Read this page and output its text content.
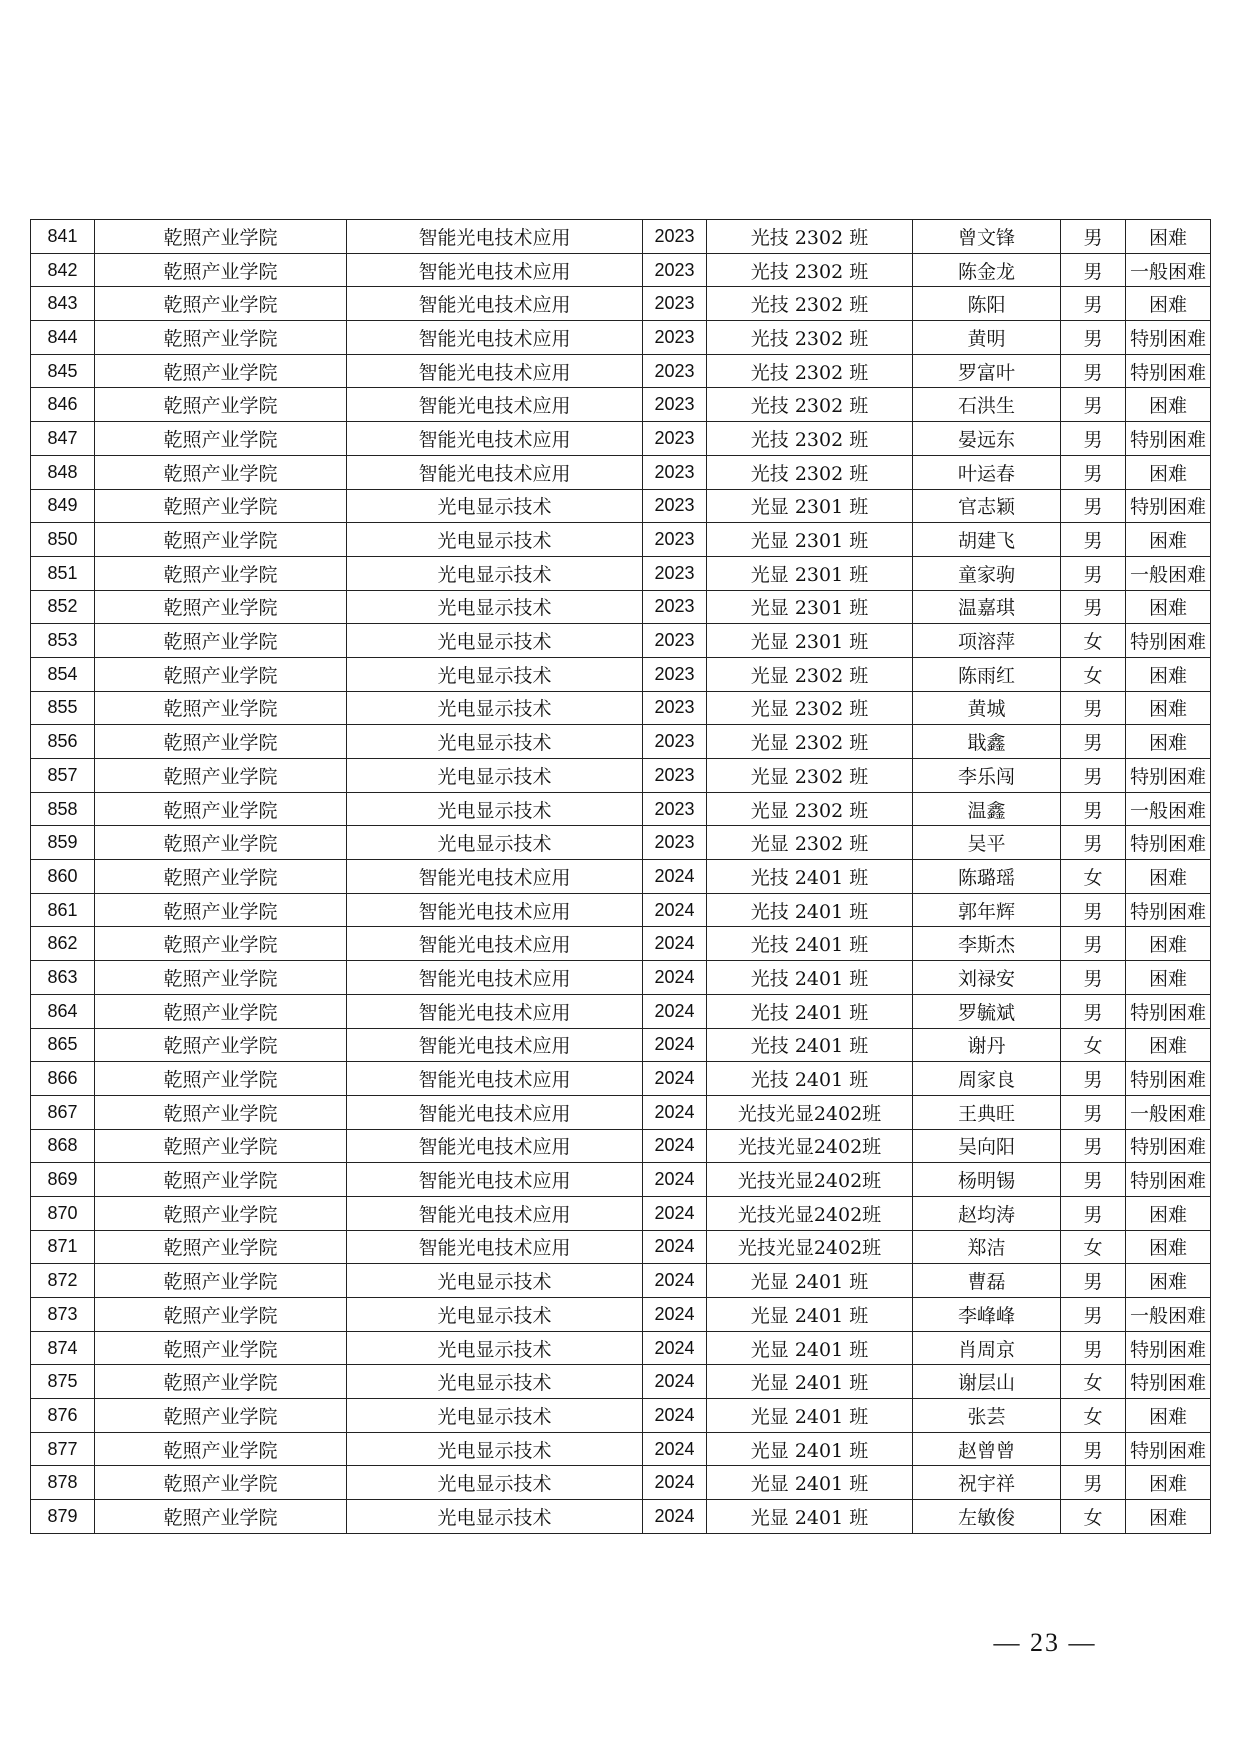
841	乾照产业学院	智能光电技术应用	2023	光技 2302 班	曾文锋	男	困难
842	乾照产业学院	智能光电技术应用	2023	光技 2302 班	陈金龙	男	一般困难
843	乾照产业学院	智能光电技术应用	2023	光技 2302 班	陈阳	男	困难
844	乾照产业学院	智能光电技术应用	2023	光技 2302 班	黄明	男	特别困难
845	乾照产业学院	智能光电技术应用	2023	光技 2302 班	罗富叶	男	特别困难
846	乾照产业学院	智能光电技术应用	2023	光技 2302 班	石洪生	男	困难
847	乾照产业学院	智能光电技术应用	2023	光技 2302 班	晏远东	男	特别困难
848	乾照产业学院	智能光电技术应用	2023	光技 2302 班	叶运春	男	困难
849	乾照产业学院	光电显示技术	2023	光显 2301 班	官志颖	男	特别困难
850	乾照产业学院	光电显示技术	2023	光显 2301 班	胡建飞	男	困难
851	乾照产业学院	光电显示技术	2023	光显 2301 班	童家驹	男	一般困难
852	乾照产业学院	光电显示技术	2023	光显 2301 班	温嘉琪	男	困难
853	乾照产业学院	光电显示技术	2023	光显 2301 班	项溶萍	女	特别困难
854	乾照产业学院	光电显示技术	2023	光显 2302 班	陈雨红	女	困难
855	乾照产业学院	光电显示技术	2023	光显 2302 班	黄城	男	困难
856	乾照产业学院	光电显示技术	2023	光显 2302 班	戢鑫	男	困难
857	乾照产业学院	光电显示技术	2023	光显 2302 班	李乐闯	男	特别困难
858	乾照产业学院	光电显示技术	2023	光显 2302 班	温鑫	男	一般困难
859	乾照产业学院	光电显示技术	2023	光显 2302 班	吴平	男	特别困难
860	乾照产业学院	智能光电技术应用	2024	光技 2401 班	陈璐瑶	女	困难
861	乾照产业学院	智能光电技术应用	2024	光技 2401 班	郭年辉	男	特别困难
862	乾照产业学院	智能光电技术应用	2024	光技 2401 班	李斯杰	男	困难
863	乾照产业学院	智能光电技术应用	2024	光技 2401 班	刘禄安	男	困难
864	乾照产业学院	智能光电技术应用	2024	光技 2401 班	罗毓斌	男	特别困难
865	乾照产业学院	智能光电技术应用	2024	光技 2401 班	谢丹	女	困难
866	乾照产业学院	智能光电技术应用	2024	光技 2401 班	周家良	男	特别困难
867	乾照产业学院	智能光电技术应用	2024	光技光显2402班	王典旺	男	一般困难
868	乾照产业学院	智能光电技术应用	2024	光技光显2402班	吴向阳	男	特别困难
869	乾照产业学院	智能光电技术应用	2024	光技光显2402班	杨明锡	男	特别困难
870	乾照产业学院	智能光电技术应用	2024	光技光显2402班	赵均涛	男	困难
871	乾照产业学院	智能光电技术应用	2024	光技光显2402班	郑洁	女	困难
872	乾照产业学院	光电显示技术	2024	光显 2401 班	曹磊	男	困难
873	乾照产业学院	光电显示技术	2024	光显 2401 班	李峰峰	男	一般困难
874	乾照产业学院	光电显示技术	2024	光显 2401 班	肖周京	男	特别困难
875	乾照产业学院	光电显示技术	2024	光显 2401 班	谢层山	女	特别困难
876	乾照产业学院	光电显示技术	2024	光显 2401 班	张芸	女	困难
877	乾照产业学院	光电显示技术	2024	光显 2401 班	赵曾曾	男	特别困难
878	乾照产业学院	光电显示技术	2024	光显 2401 班	祝宇祥	男	困难
879	乾照产业学院	光电显示技术	2024	光显 2401 班	左敏俊	女	困难
— 23 —
